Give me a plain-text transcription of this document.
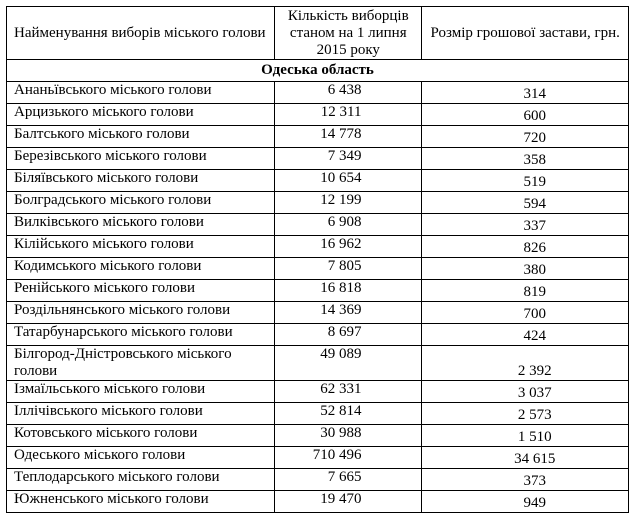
Найменування виборів міського голови	Кількість виборців станом на 1 липня 2015 року	Розмір грошової застави, грн.
Одеська область		
Ананьївського міського голови	6 438	314
Арцизького міського голови	12 311	600
Балтського міського голови	14 778	720
Березівського міського голови	7 349	358
Біляївського міського голови	10 654	519
Болградського міського голови	12 199	594
Вилківського міського голови	6 908	337
Кілійського міського голови	16 962	826
Кодимського міського голови	7 805	380
Ренійського міського голови	16 818	819
Роздільнянського міського голови	14 369	700
Татарбунарського міського голови	8 697	424
Білгород-Дністровського міського голови	49 089	2 392
Ізмаїльського міського голови	62 331	3 037
Іллічівського міського голови	52 814	2 573
Котовського міського голови	30 988	1 510
Одеського міського голови	710 496	34 615
Теплодарського міського голови	7 665	373
Южненського міського голови	19 470	949
